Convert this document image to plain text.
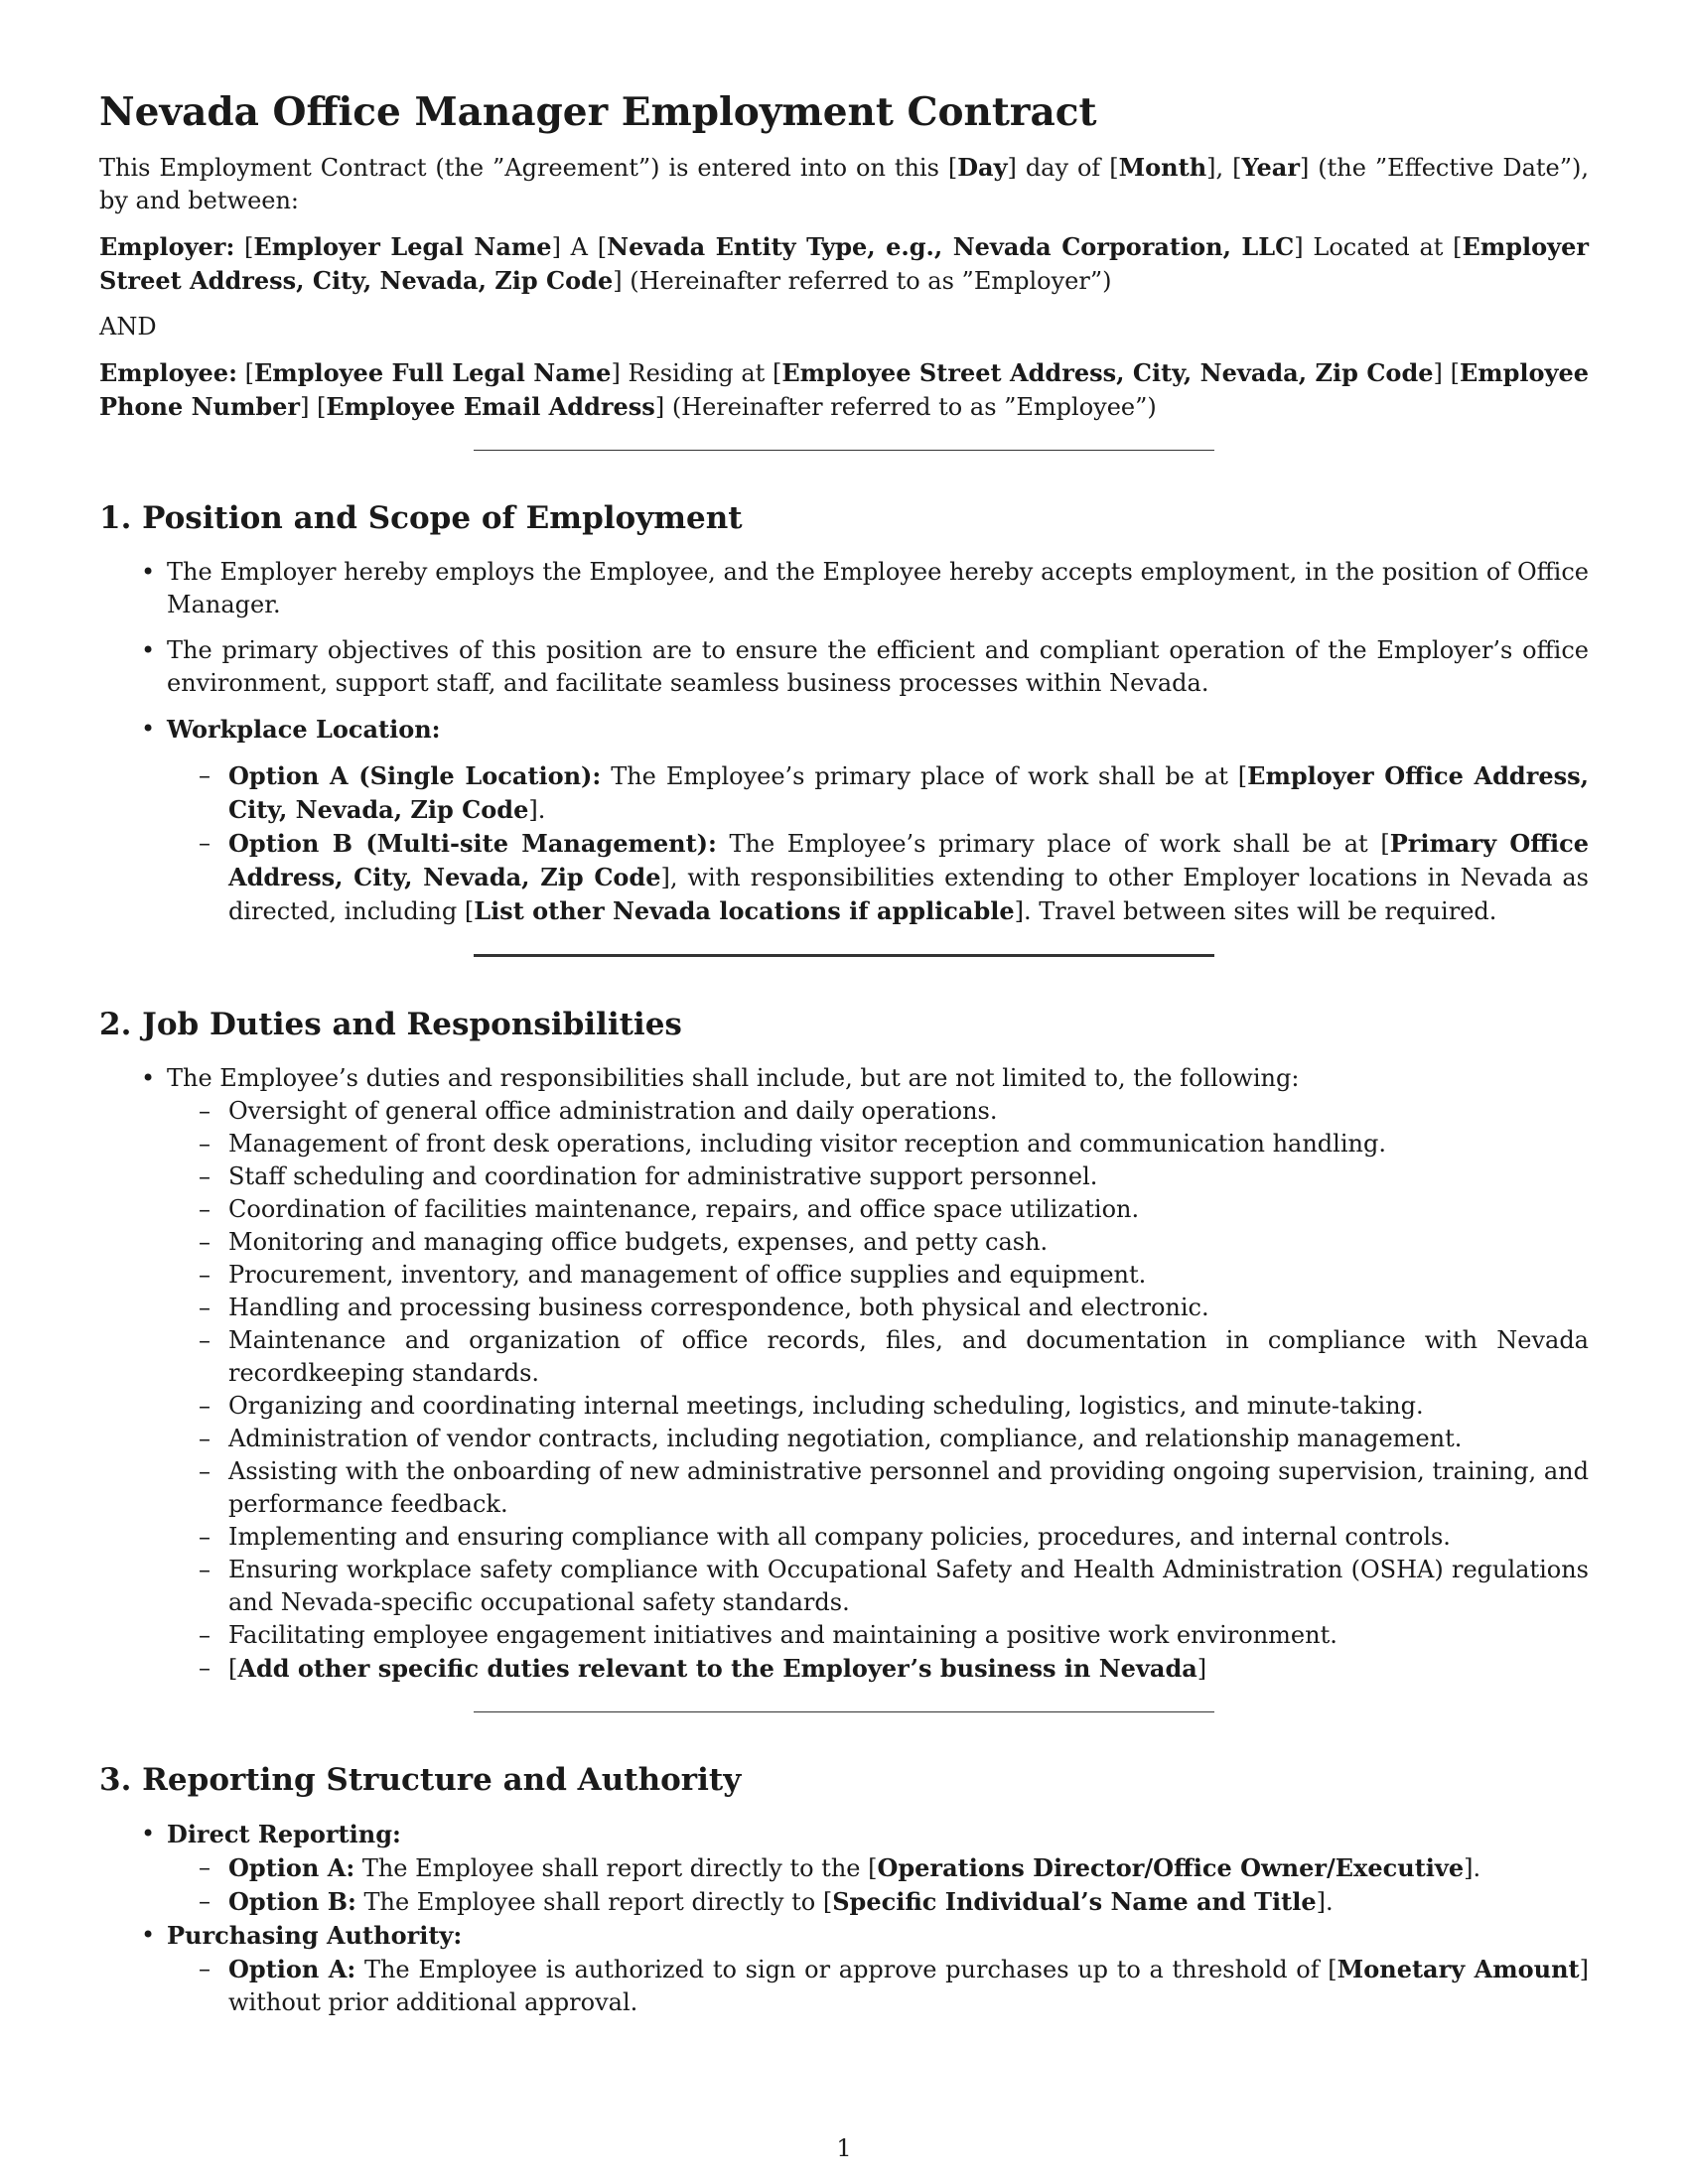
Nevada Office Manager Employment Contract

This Employment Contract (the ”Agreement”) is entered into on this [Day] day of [Month], [Year] (the ”Effective Date”), by and between:

Employer: [Employer Legal Name] A [Nevada Entity Type, e.g., Nevada Corporation, LLC] Located at [Employer Street Address, City, Nevada, Zip Code] (Hereinafter referred to as ”Employer”)

AND

Employee: [Employee Full Legal Name] Residing at [Employee Street Address, City, Nevada, Zip Code] [Employee Phone Number] [Employee Email Address] (Hereinafter referred to as ”Employee”)

1. Position and Scope of Employment
• The Employer hereby employs the Employee, and the Employee hereby accepts employment, in the position of Office Manager.
• The primary objectives of this position are to ensure the efficient and compliant operation of the Employer’s office environment, support staff, and facilitate seamless business processes within Nevada.
• Workplace Location:
– Option A (Single Location): The Employee’s primary place of work shall be at [Employer Office Address, City, Nevada, Zip Code].
– Option B (Multi-site Management): The Employee’s primary place of work shall be at [Primary Office Address, City, Nevada, Zip Code], with responsibilities extending to other Employer locations in Nevada as directed, including [List other Nevada locations if applicable]. Travel between sites will be required.
2. Job Duties and Responsibilities
• The Employee’s duties and responsibilities shall include, but are not limited to, the following:
– Oversight of general office administration and daily operations.
– Management of front desk operations, including visitor reception and communication handling.
– Staff scheduling and coordination for administrative support personnel.
– Coordination of facilities maintenance, repairs, and office space utilization.
– Monitoring and managing office budgets, expenses, and petty cash.
– Procurement, inventory, and management of office supplies and equipment.
– Handling and processing business correspondence, both physical and electronic.
– Maintenance and organization of office records, files, and documentation in compliance with Nevada recordkeeping standards.
– Organizing and coordinating internal meetings, including scheduling, logistics, and minute-taking.
– Administration of vendor contracts, including negotiation, compliance, and relationship management.
– Assisting with the onboarding of new administrative personnel and providing ongoing supervision, training, and performance feedback.
– Implementing and ensuring compliance with all company policies, procedures, and internal controls.
– Ensuring workplace safety compliance with Occupational Safety and Health Administration (OSHA) regulations and Nevada-specific occupational safety standards.
– Facilitating employee engagement initiatives and maintaining a positive work environment.
– [Add other specific duties relevant to the Employer’s business in Nevada]
3. Reporting Structure and Authority
• Direct Reporting:
– Option A: The Employee shall report directly to the [Operations Director/Office Owner/Executive].
– Option B: The Employee shall report directly to [Specific Individual’s Name and Title].
• Purchasing Authority:
– Option A: The Employee is authorized to sign or approve purchases up to a threshold of [Monetary Amount] without prior additional approval.
1
